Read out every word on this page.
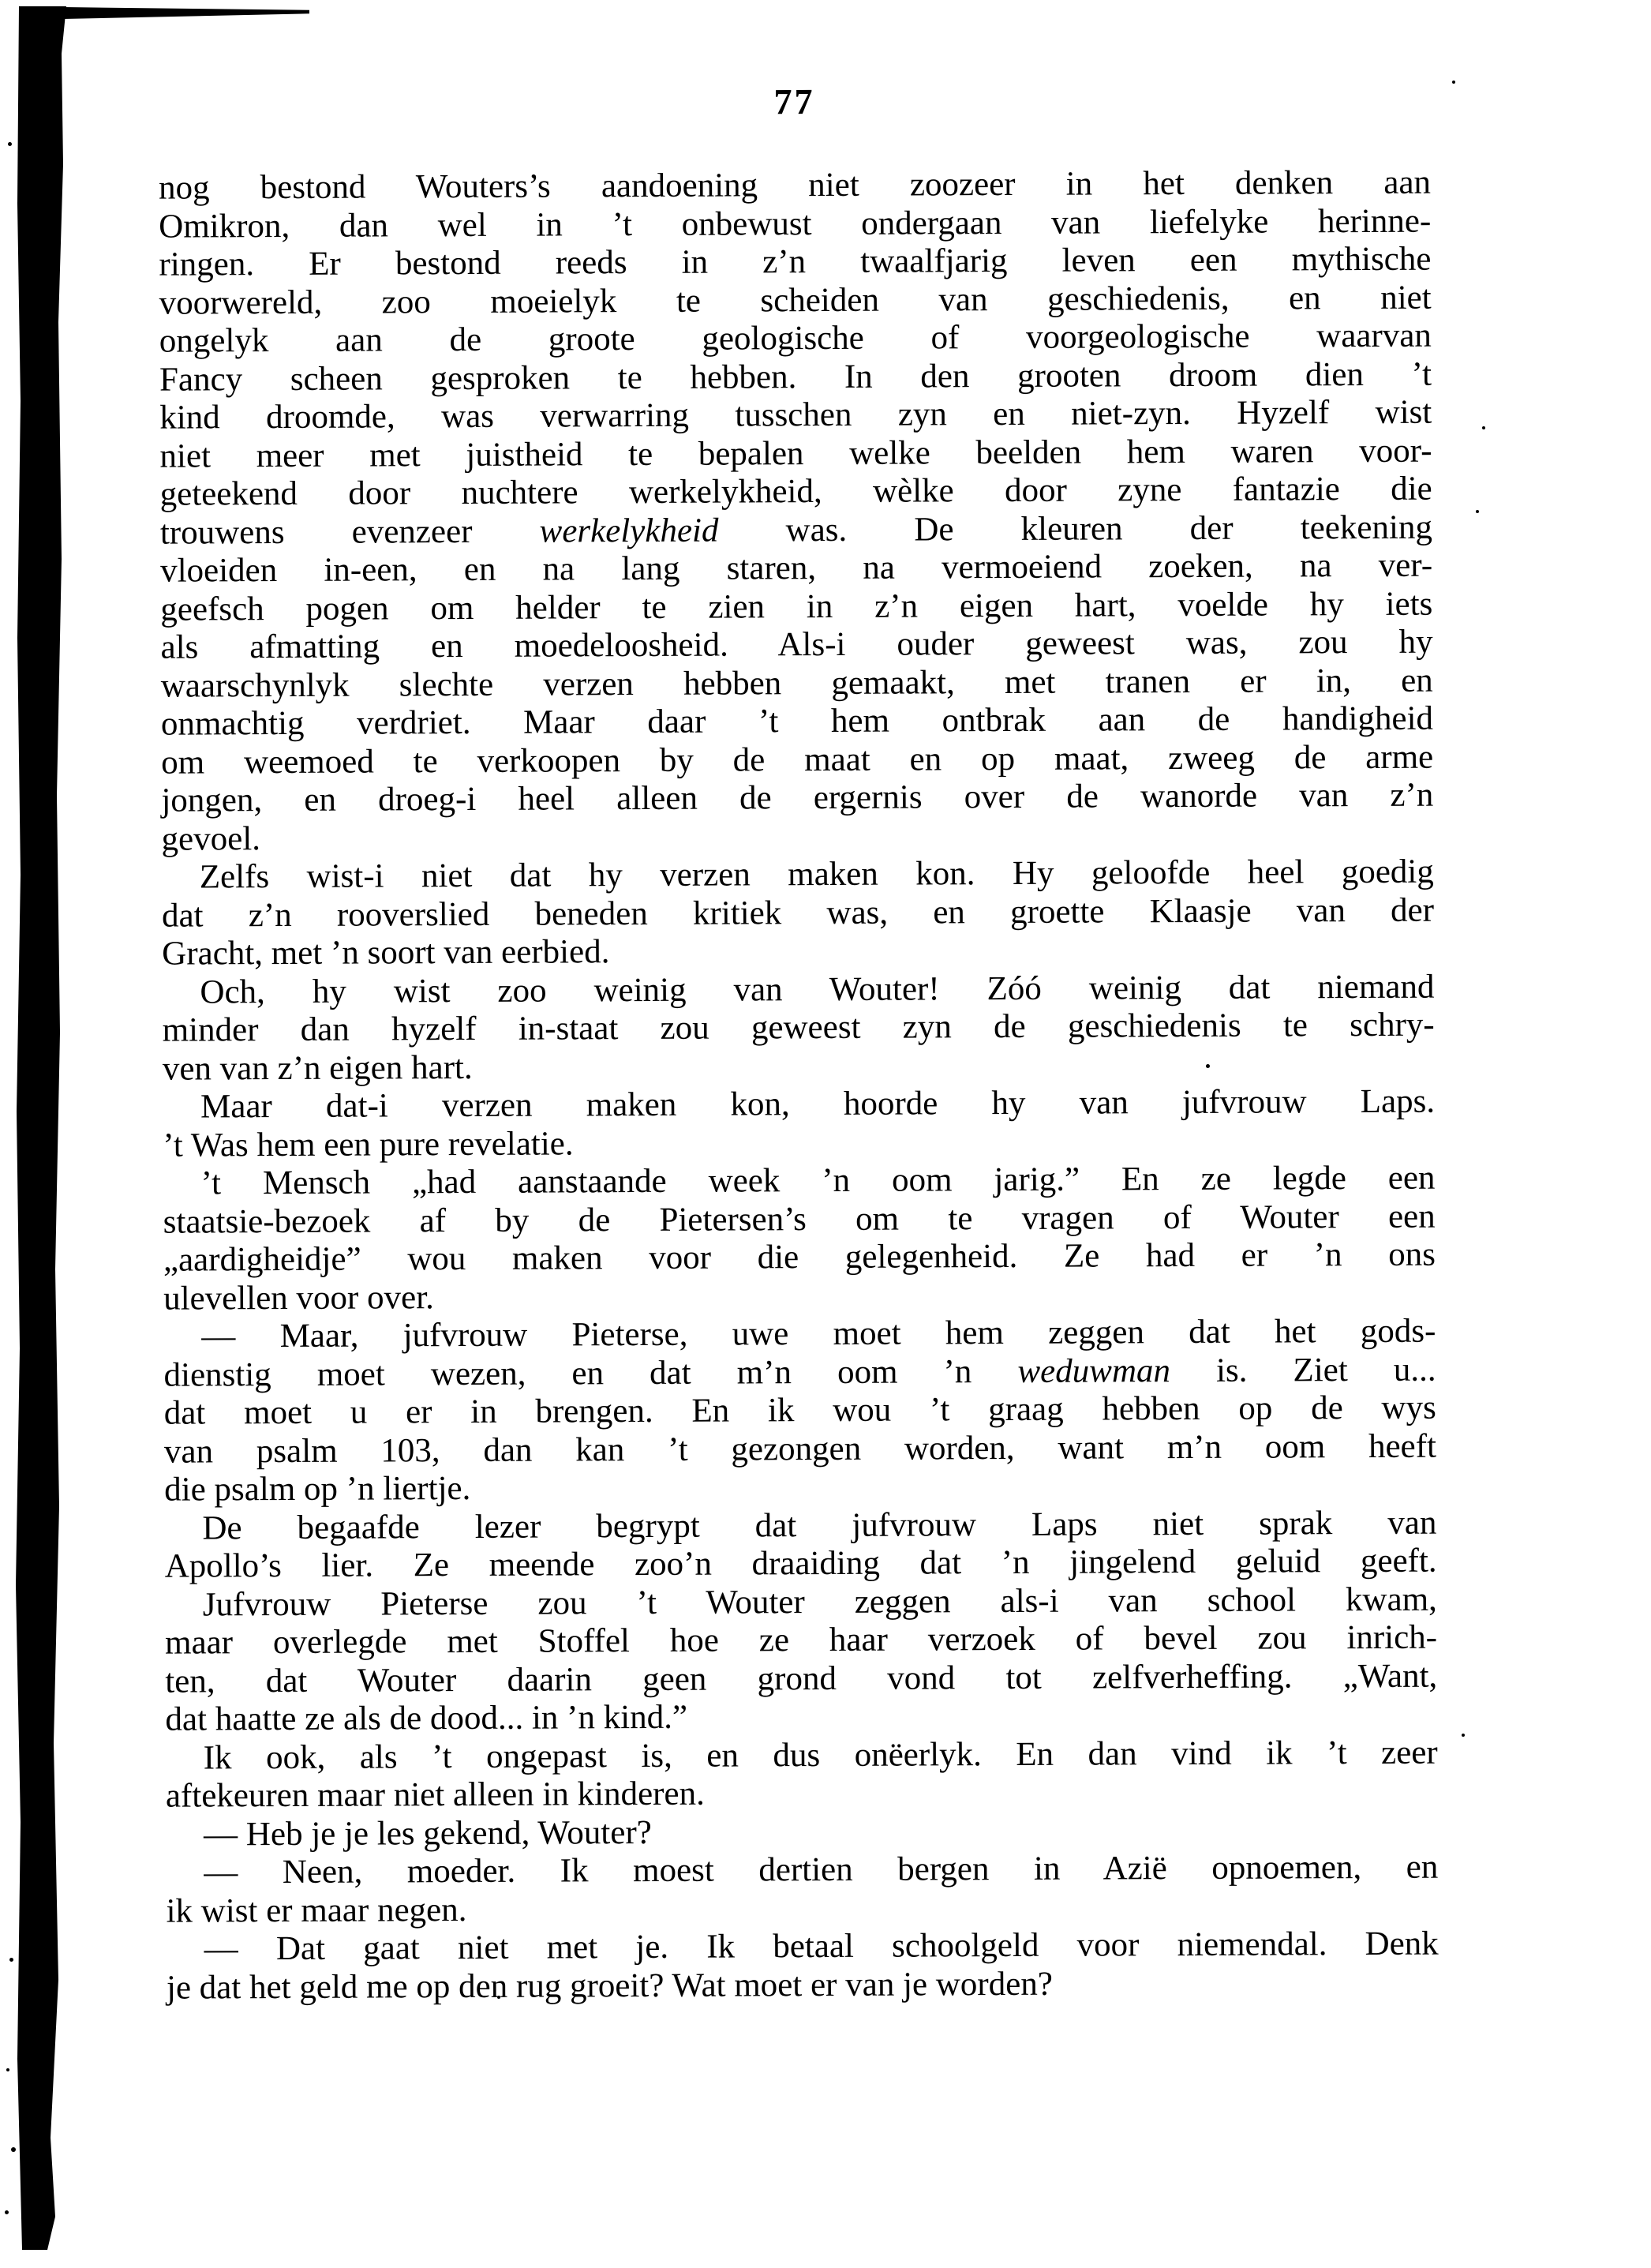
77
nog bestond Wouters’s aandoening niet zoozeer in het denken aan
Omikron, dan wel in ’t onbewust ondergaan van liefelyke herinne-
ringen. Er bestond reeds in z’n twaalfjarig leven een mythische
voorwereld, zoo moeielyk te scheiden van geschiedenis, en niet
ongelyk aan de groote geologische of voorgeologische waarvan
Fancy scheen gesproken te hebben. In den grooten droom dien ’t
kind droomde, was verwarring tusschen zyn en niet-zyn. Hyzelf wist
niet meer met juistheid te bepalen welke beelden hem waren voor-
geteekend door nuchtere werkelykheid, wèlke door zyne fantazie die
trouwens evenzeer werkelykheid was. De kleuren der teekening
vloeiden in-een, en na lang staren, na vermoeiend zoeken, na ver-
geefsch pogen om helder te zien in z’n eigen hart, voelde hy iets
als afmatting en moedeloosheid. Als-i ouder geweest was, zou hy
waarschynlyk slechte verzen hebben gemaakt, met tranen er in, en
onmachtig verdriet. Maar daar ’t hem ontbrak aan de handigheid
om weemoed te verkoopen by de maat en op maat, zweeg de arme
jongen, en droeg-i heel alleen de ergernis over de wanorde van z’n
gevoel.
Zelfs wist-i niet dat hy verzen maken kon. Hy geloofde heel goedig
dat z’n rooverslied beneden kritiek was, en groette Klaasje van der
Gracht, met ’n soort van eerbied.
Och, hy wist zoo weinig van Wouter! Zóó weinig dat niemand
minder dan hyzelf in-staat zou geweest zyn de geschiedenis te schry-
ven van z’n eigen hart.
Maar dat-i verzen maken kon, hoorde hy van jufvrouw Laps.
’t Was hem een pure revelatie.
’t Mensch „had aanstaande week ’n oom jarig.” En ze legde een
staatsie-bezoek af by de Pietersen’s om te vragen of Wouter een
„aardigheidje” wou maken voor die gelegenheid. Ze had er ’n ons
ulevellen voor over.
— Maar, jufvrouw Pieterse, uwe moet hem zeggen dat het gods-
dienstig moet wezen, en dat m’n oom ’n weduwman is. Ziet u...
dat moet u er in brengen. En ik wou ’t graag hebben op de wys
van psalm 103, dan kan ’t gezongen worden, want m’n oom heeft
die psalm op ’n liertje.
De begaafde lezer begrypt dat jufvrouw Laps niet sprak van
Apollo’s lier. Ze meende zoo’n draaiding dat ’n jingelend geluid geeft.
Jufvrouw Pieterse zou ’t Wouter zeggen als-i van school kwam,
maar overlegde met Stoffel hoe ze haar verzoek of bevel zou inrich-
ten, dat Wouter daarin geen grond vond tot zelfverheffing. „Want,
dat haatte ze als de dood... in ’n kind.”
Ik ook, als ’t ongepast is, en dus onëerlyk. En dan vind ik ’t zeer
aftekeuren maar niet alleen in kinderen.
— Heb je je les gekend, Wouter?
— Neen, moeder. Ik moest dertien bergen in Azië opnoemen, en
ik wist er maar negen.
— Dat gaat niet met je. Ik betaal schoolgeld voor niemendal. Denk
je dat het geld me op den rug groeit? Wat moet er van je worden?
